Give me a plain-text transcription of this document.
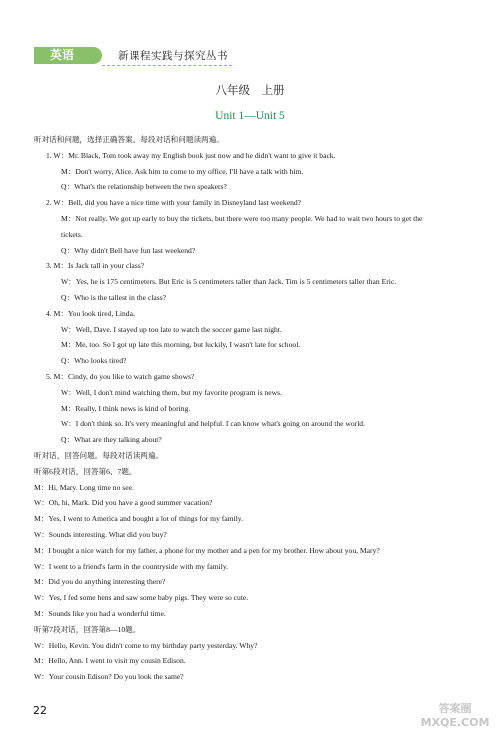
英语	新课程实践与探究丛书
八年级　上册
Unit 1—Unit 5
听对话和问题，选择正确答案。每段对话和问题读两遍。
1. W：Mr. Black, Tom took away my English book just now and he didn't want to give it back.
M：Don't worry, Alice. Ask him to come to my office. I'll have a talk with him.
Q：What's the relationship between the two speakers?
2. W：Bell, did you have a nice time with your family in Disneyland last weekend?
M：Not really. We got up early to buy the tickets, but there were too many people. We had to wait two hours to get the
tickets.
Q：Why didn't Bell have fun last weekend?
3. M：Is Jack tall in your class?
W：Yes, he is 175 centimeters. But Eric is 5 centimeters taller than Jack. Tim is 5 centimeters taller than Eric.
Q：Who is the tallest in the class?
4. M：You look tired, Linda.
W：Well, Dave. I stayed up too late to watch the soccer game last night.
M：Me, too. So I got up late this morning, but luckily, I wasn't late for school.
Q：Who looks tired?
5. M：Cindy, do you like to watch game shows?
W：Well, I don't mind watching them, but my favorite program is news.
M：Really, I think news is kind of boring.
W：I don't think so. It's very meaningful and helpful. I can know what's going on around the world.
Q：What are they talking about?
听对话，回答问题。每段对话读两遍。
听第6段对话，回答第6、7题。
M：Hi, Mary. Long time no see.
W：Oh, hi, Mark. Did you have a good summer vacation?
M：Yes, I went to America and bought a lot of things for my family.
W：Sounds interesting. What did you buy?
M：I bought a nice watch for my father, a phone for my mother and a pen for my brother. How about you, Mary?
W：I went to a friend's farm in the countryside with my family.
M：Did you do anything interesting there?
W：Yes, I fed some hens and saw some baby pigs. They were so cute.
M：Sounds like you had a wonderful time.
听第7段对话，回答第8—10题。
W：Hello, Kevin. You didn't come to my birthday party yesterday. Why?
M：Hello, Ann. I went to visit my cousin Edison.
W：Your cousin Edison? Do you look the same?
22	答案圈
MXQE.COM
